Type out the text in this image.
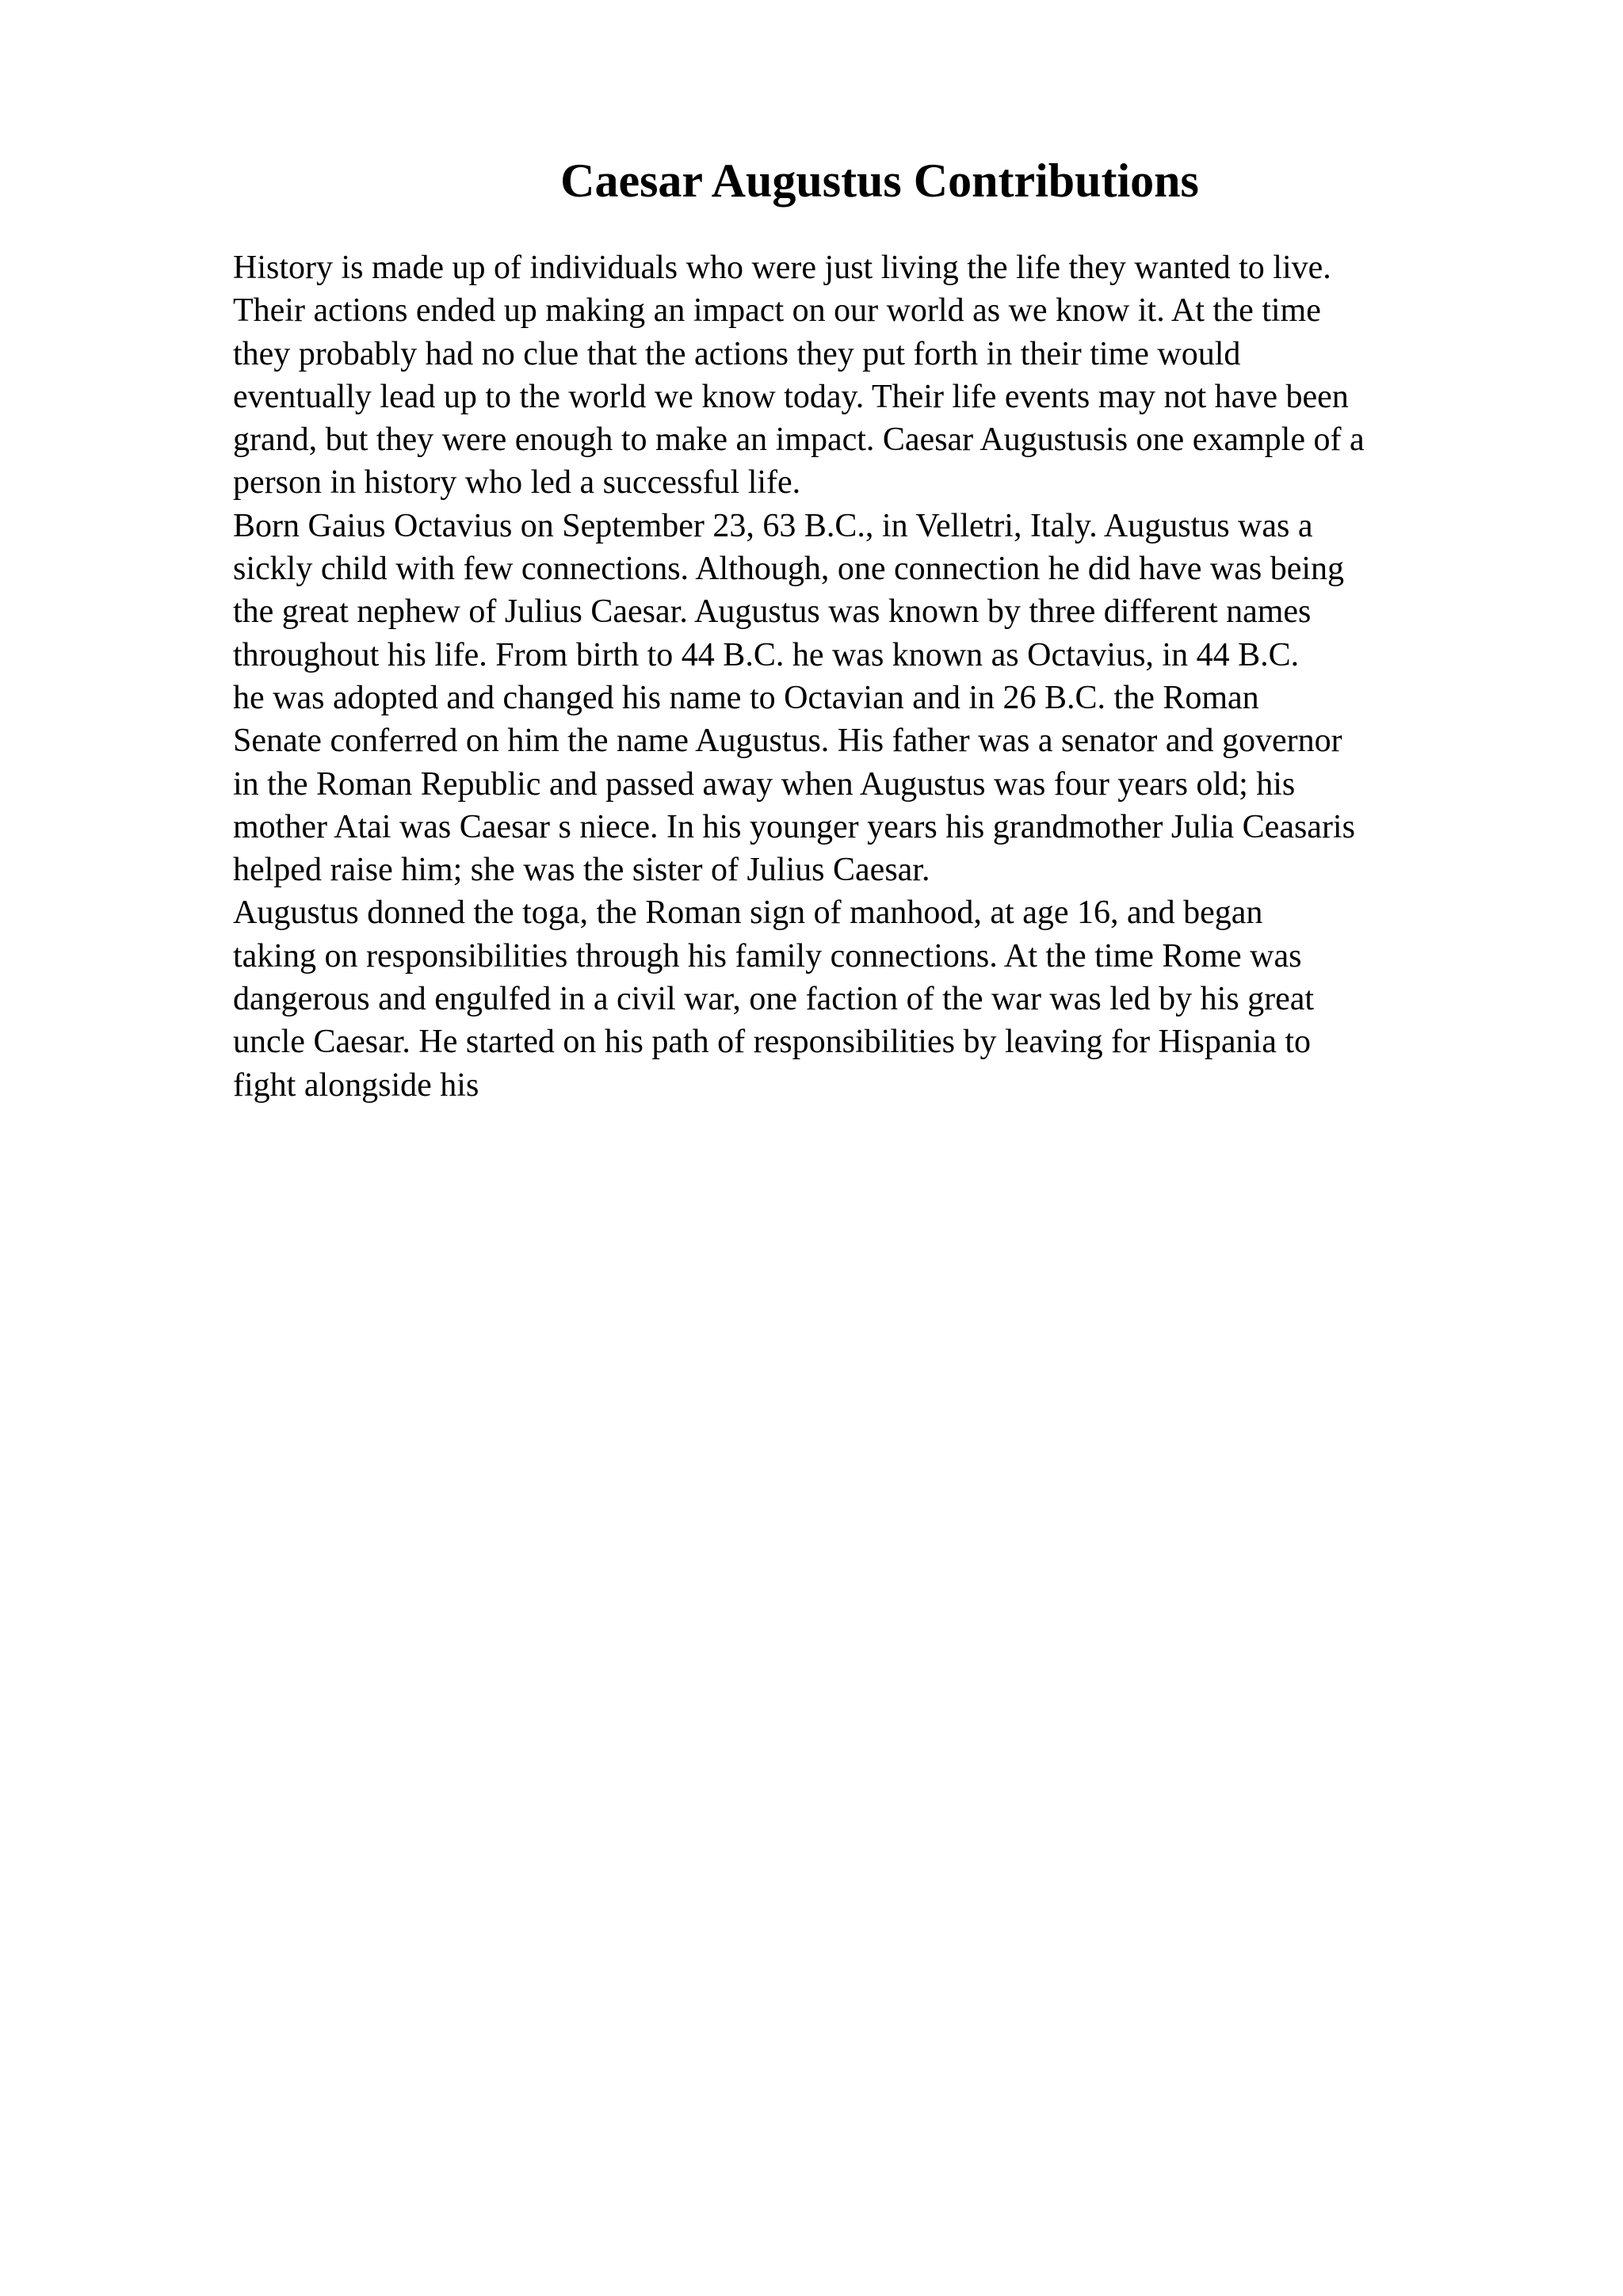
Caesar Augustus Contributions
History is made up of individuals who were just living the life they wanted to live.
Their actions ended up making an impact on our world as we know it. At the time
they probably had no clue that the actions they put forth in their time would
eventually lead up to the world we know today. Their life events may not have been
grand, but they were enough to make an impact. Caesar Augustusis one example of a
person in history who led a successful life.
Born Gaius Octavius on September 23, 63 B.C., in Velletri, Italy. Augustus was a
sickly child with few connections. Although, one connection he did have was being
the great nephew of Julius Caesar. Augustus was known by three different names
throughout his life. From birth to 44 B.C. he was known as Octavius, in 44 B.C.
he was adopted and changed his name to Octavian and in 26 B.C. the Roman
Senate conferred on him the name Augustus. His father was a senator and governor
in the Roman Republic and passed away when Augustus was four years old; his
mother Atai was Caesar s niece. In his younger years his grandmother Julia Ceasaris
helped raise him; she was the sister of Julius Caesar.
Augustus donned the toga, the Roman sign of manhood, at age 16, and began
taking on responsibilities through his family connections. At the time Rome was
dangerous and engulfed in a civil war, one faction of the war was led by his great
uncle Caesar. He started on his path of responsibilities by leaving for Hispania to
fight alongside his
